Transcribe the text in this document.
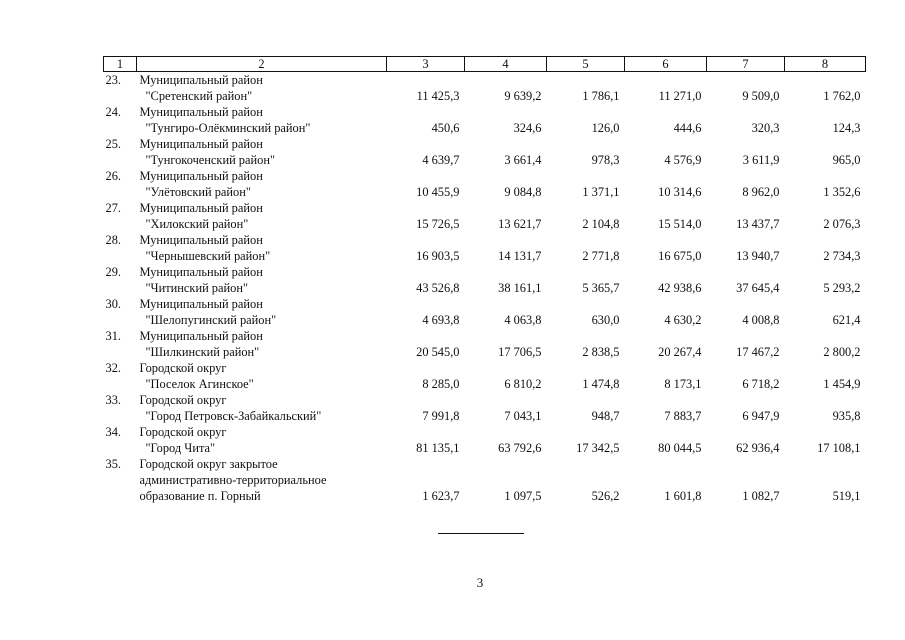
1	2	3	4	5	6	7	8

23.	Муниципальный район
"Сретенский район"	11 425,3	9 639,2	1 786,1	11 271,0	9 509,0	1 762,0

24.	Муниципальный район
"Тунгиро-Олёкминский район"	450,6	324,6	126,0	444,6	320,3	124,3

25.	Муниципальный район
"Тунгокоченский район"	4 639,7	3 661,4	978,3	4 576,9	3 611,9	965,0

26.	Муниципальный район
"Улётовский район"	10 455,9	9 084,8	1 371,1	10 314,6	8 962,0	1 352,6

27.	Муниципальный район
"Хилокский район"	15 726,5	13 621,7	2 104,8	15 514,0	13 437,7	2 076,3

28.	Муниципальный район
"Чернышевский район"	16 903,5	14 131,7	2 771,8	16 675,0	13 940,7	2 734,3

29.	Муниципальный район
"Читинский район"	43 526,8	38 161,1	5 365,7	42 938,6	37 645,4	5 293,2

30.	Муниципальный район
"Шелопугинский район"	4 693,8	4 063,8	630,0	4 630,2	4 008,8	621,4

31.	Муниципальный район
"Шилкинский район"	20 545,0	17 706,5	2 838,5	20 267,4	17 467,2	2 800,2

32.	Городской округ
"Поселок Агинское"	8 285,0	6 810,2	1 474,8	8 173,1	6 718,2	1 454,9

33.	Городской округ
"Город Петровск-Забайкальский"	7 991,8	7 043,1	948,7	7 883,7	6 947,9	935,8

34.	Городской округ
"Город Чита"	81 135,1	63 792,6	17 342,5	80 044,5	62 936,4	17 108,1

35.	Городской округ закрытое
административно-территориальное
образование п. Горный	1 623,7	1 097,5	526,2	1 601,8	1 082,7	519,1
3
